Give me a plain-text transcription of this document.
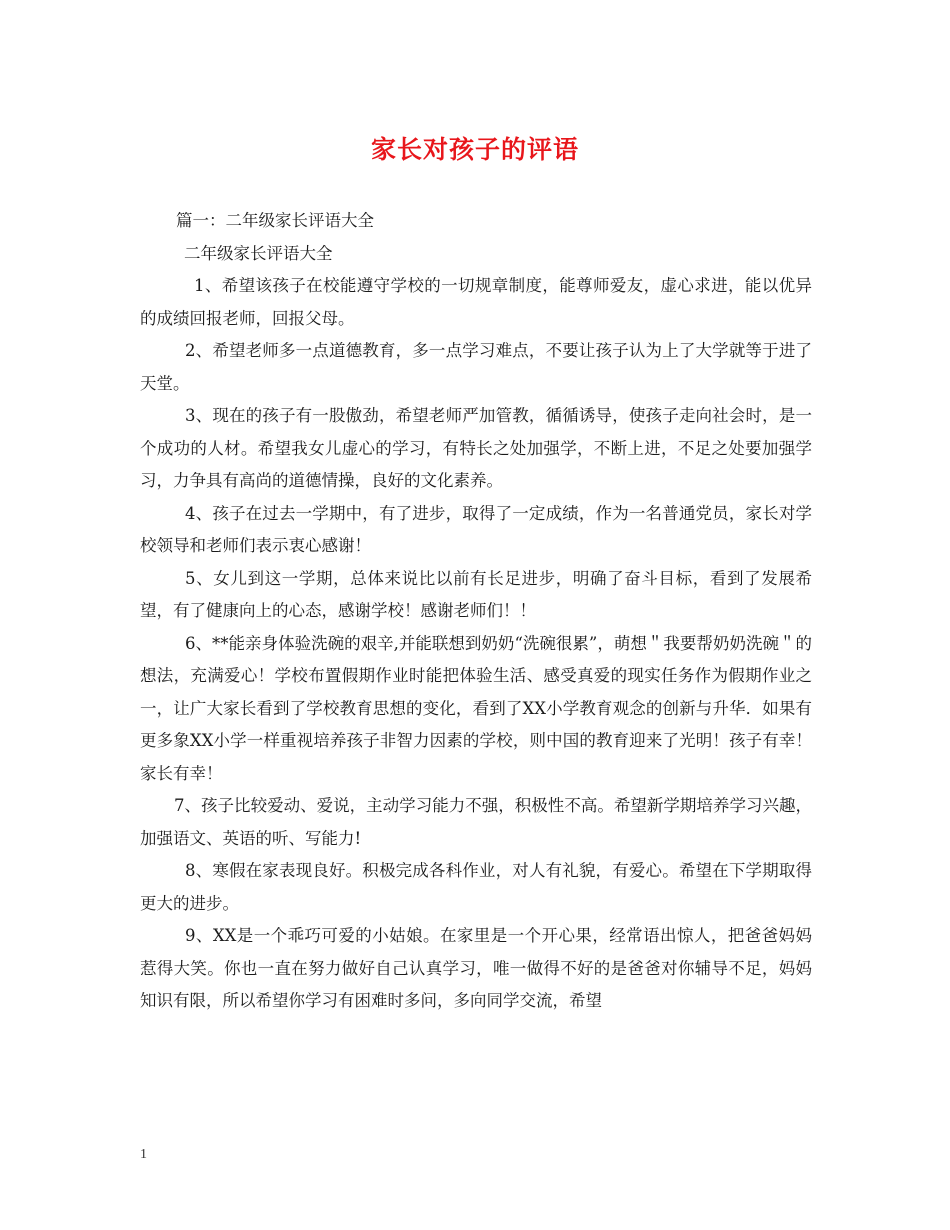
家长对孩子的评语

篇一：二年级家长评语大全

二年级家长评语大全

1、希望该孩子在校能遵守学校的一切规章制度，能尊师爱友，虚心求进，能以优异的成绩回报老师，回报父母。

2、希望老师多一点道德教育，多一点学习难点，不要让孩子认为上了大学就等于进了天堂。

3、现在的孩子有一股傲劲，希望老师严加管教，循循诱导，使孩子走向社会时，是一个成功的人材。希望我女儿虚心的学习，有特长之处加强学，不断上进，不足之处要加强学习，力争具有高尚的道德情操，良好的文化素养。

4、孩子在过去一学期中，有了进步，取得了一定成绩，作为一名普通党员，家长对学校领导和老师们表示衷心感谢！

5、女儿到这一学期，总体来说比以前有长足进步，明确了奋斗目标，看到了发展希望，有了健康向上的心态，感谢学校！感谢老师们！！

6、**能亲身体验洗碗的艰辛,并能联想到奶奶“洗碗很累”，萌想＂我要帮奶奶洗碗＂的想法，充满爱心！学校布置假期作业时能把体验生活、感受真爱的现实任务作为假期作业之一，让广大家长看到了学校教育思想的变化，看到了XX小学教育观念的创新与升华．如果有更多象XX小学一样重视培养孩子非智力因素的学校，则中国的教育迎来了光明！孩子有幸！家长有幸！

7、孩子比较爱动、爱说，主动学习能力不强，积极性不高。希望新学期培养学习兴趣，加强语文、英语的听、写能力!

8、寒假在家表现良好。积极完成各科作业，对人有礼貌，有爱心。希望在下学期取得更大的进步。

9、XX是一个乖巧可爱的小姑娘。在家里是一个开心果，经常语出惊人，把爸爸妈妈惹得大笑。你也一直在努力做好自己认真学习，唯一做得不好的是爸爸对你辅导不足，妈妈知识有限，所以希望你学习有困难时多问，多向同学交流，希望

1
